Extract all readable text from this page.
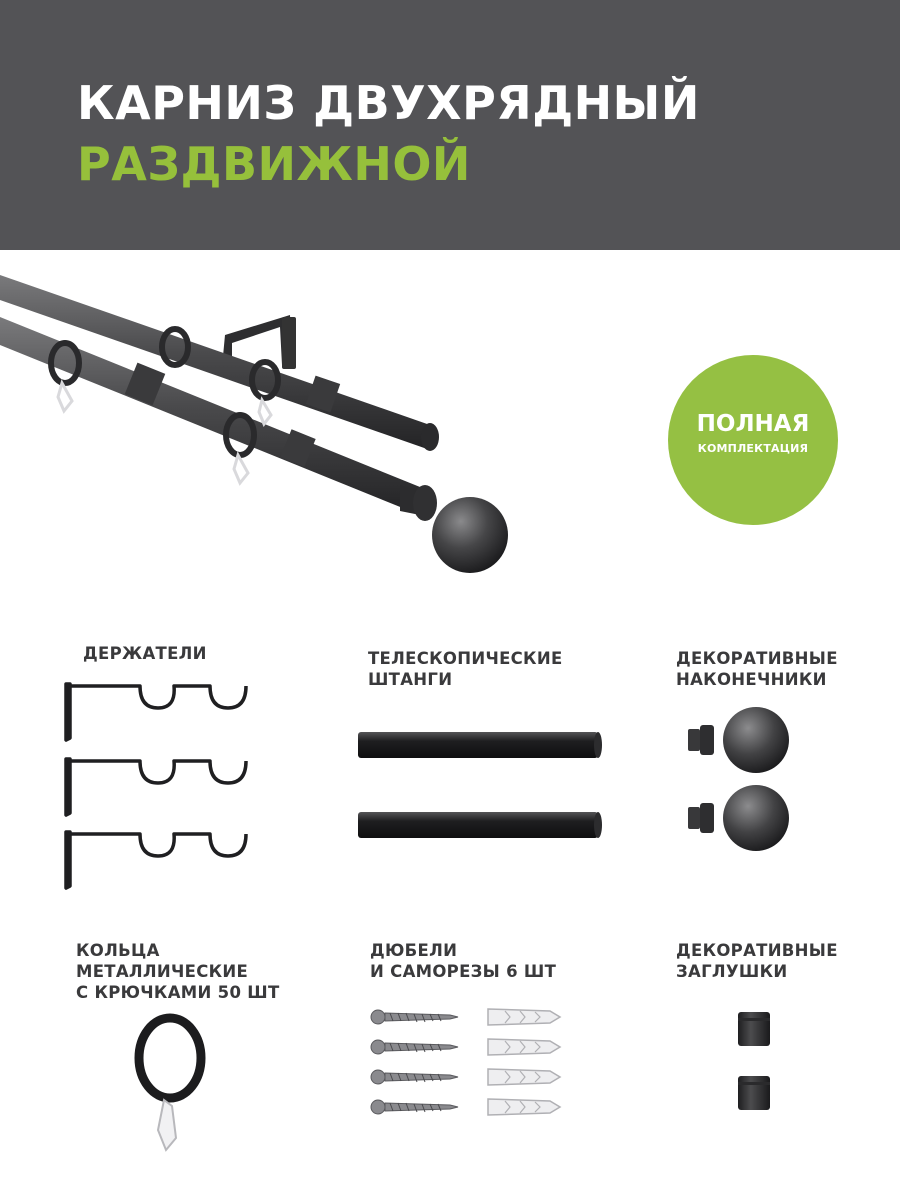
КАРНИЗ ДВУХРЯДНЫЙ
РАЗДВИЖНОЙ
ПОЛНАЯ
КОМПЛЕКТАЦИЯ

ДЕРЖАТЕЛИ	ТЕЛЕСКОПИЧЕСКИЕ
ШТАНГИ

ДЕКОРАТИВНЫЕ
НАКОНЕЧНИКИ

КОЛЬЦА
МЕТАЛЛИЧЕСКИЕ
С КРЮЧКАМИ 50 ШТ

ДЮБЕЛИ
И САМОРЕЗЫ 6 ШТ

ДЕКОРАТИВНЫЕ
ЗАГЛУШКИ
